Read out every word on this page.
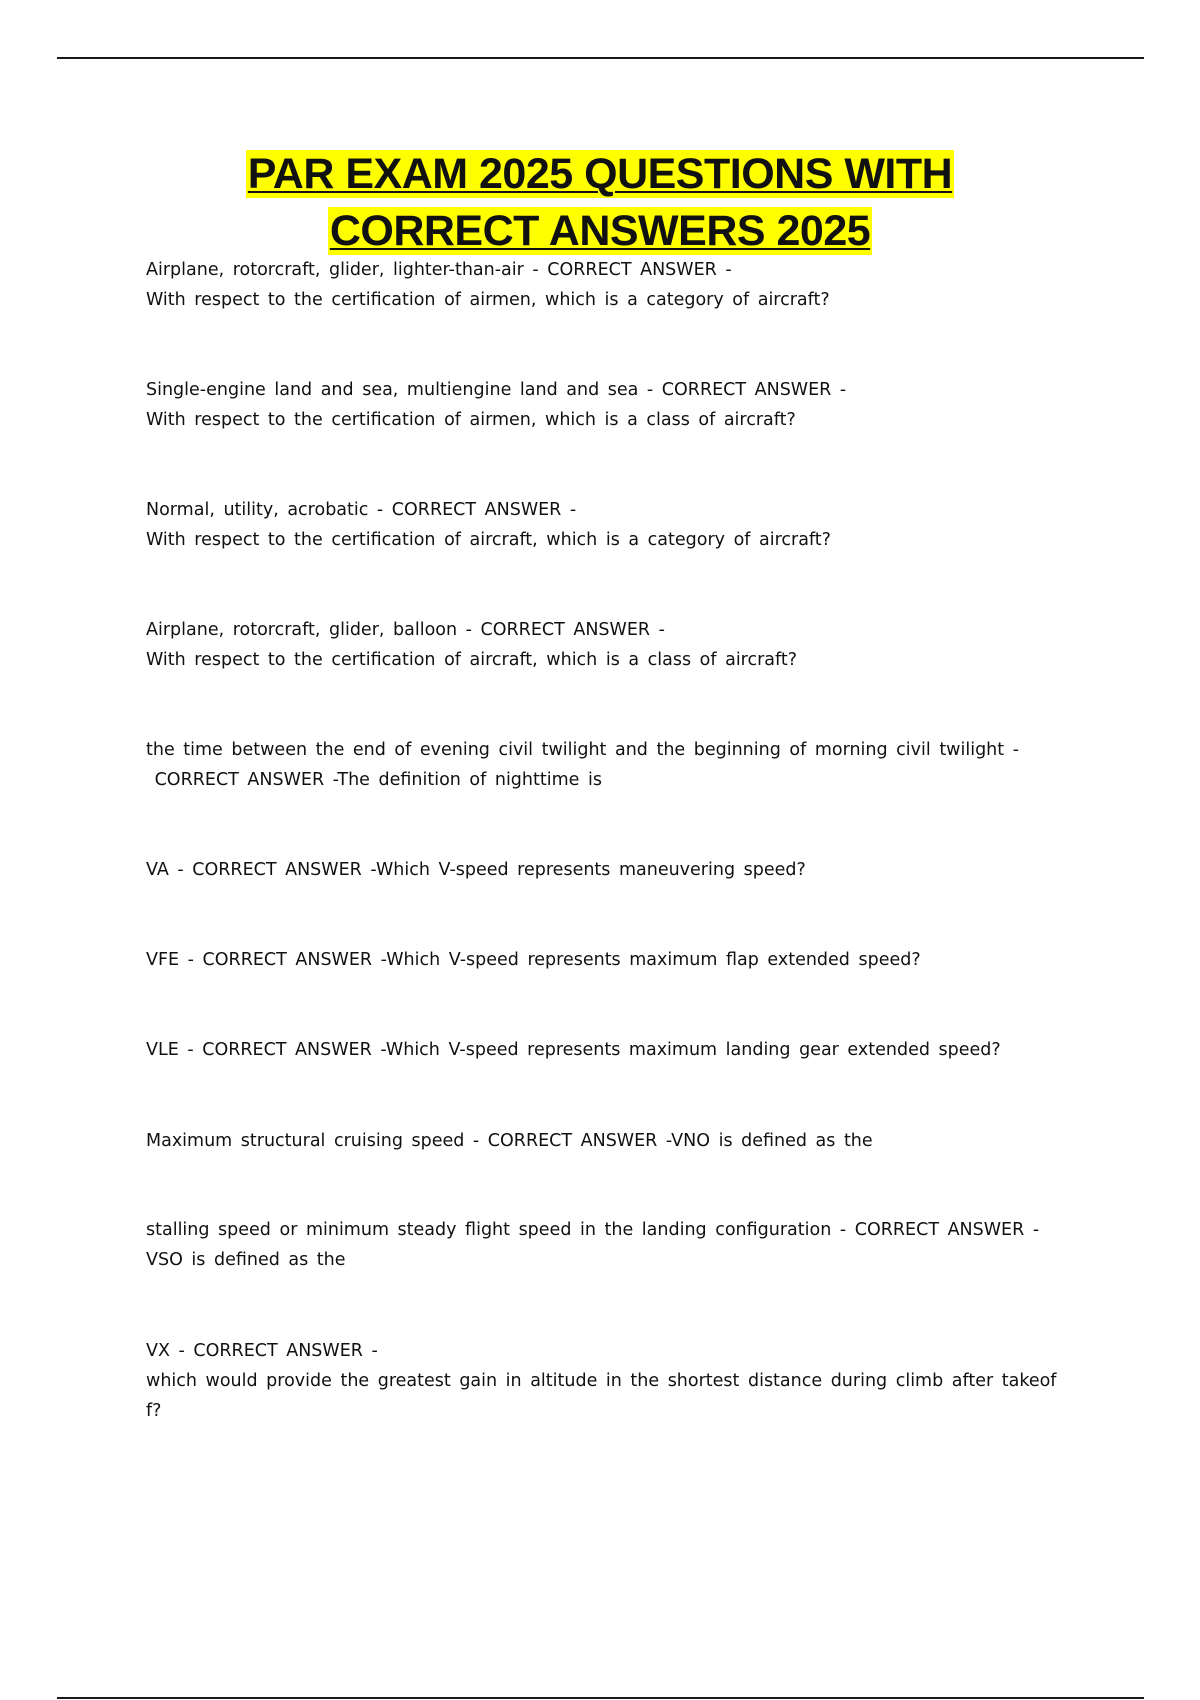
PAR EXAM 2025 QUESTIONS WITH
CORRECT ANSWERS 2025

Airplane, rotorcraft, glider, lighter-than-air - CORRECT ANSWER -

With respect to the certification of airmen, which is a category of aircraft?

Single-engine land and sea, multiengine land and sea - CORRECT ANSWER -

With respect to the certification of airmen, which is a class of aircraft?

Normal, utility, acrobatic - CORRECT ANSWER -

With respect to the certification of aircraft, which is a category of aircraft?

Airplane, rotorcraft, glider, balloon - CORRECT ANSWER -

With respect to the certification of aircraft, which is a class of aircraft?

the time between the end of evening civil twilight and the beginning of morning civil twilight -

CORRECT ANSWER -The definition of nighttime is

VA - CORRECT ANSWER -Which V-speed represents maneuvering speed?

VFE - CORRECT ANSWER -Which V-speed represents maximum flap extended speed?

VLE - CORRECT ANSWER -Which V-speed represents maximum landing gear extended speed?

Maximum structural cruising speed - CORRECT ANSWER -VNO is defined as the

stalling speed or minimum steady flight speed in the landing configuration - CORRECT ANSWER -

VSO is defined as the

VX - CORRECT ANSWER -

which would provide the greatest gain in altitude in the shortest distance during climb after takeof

f?
